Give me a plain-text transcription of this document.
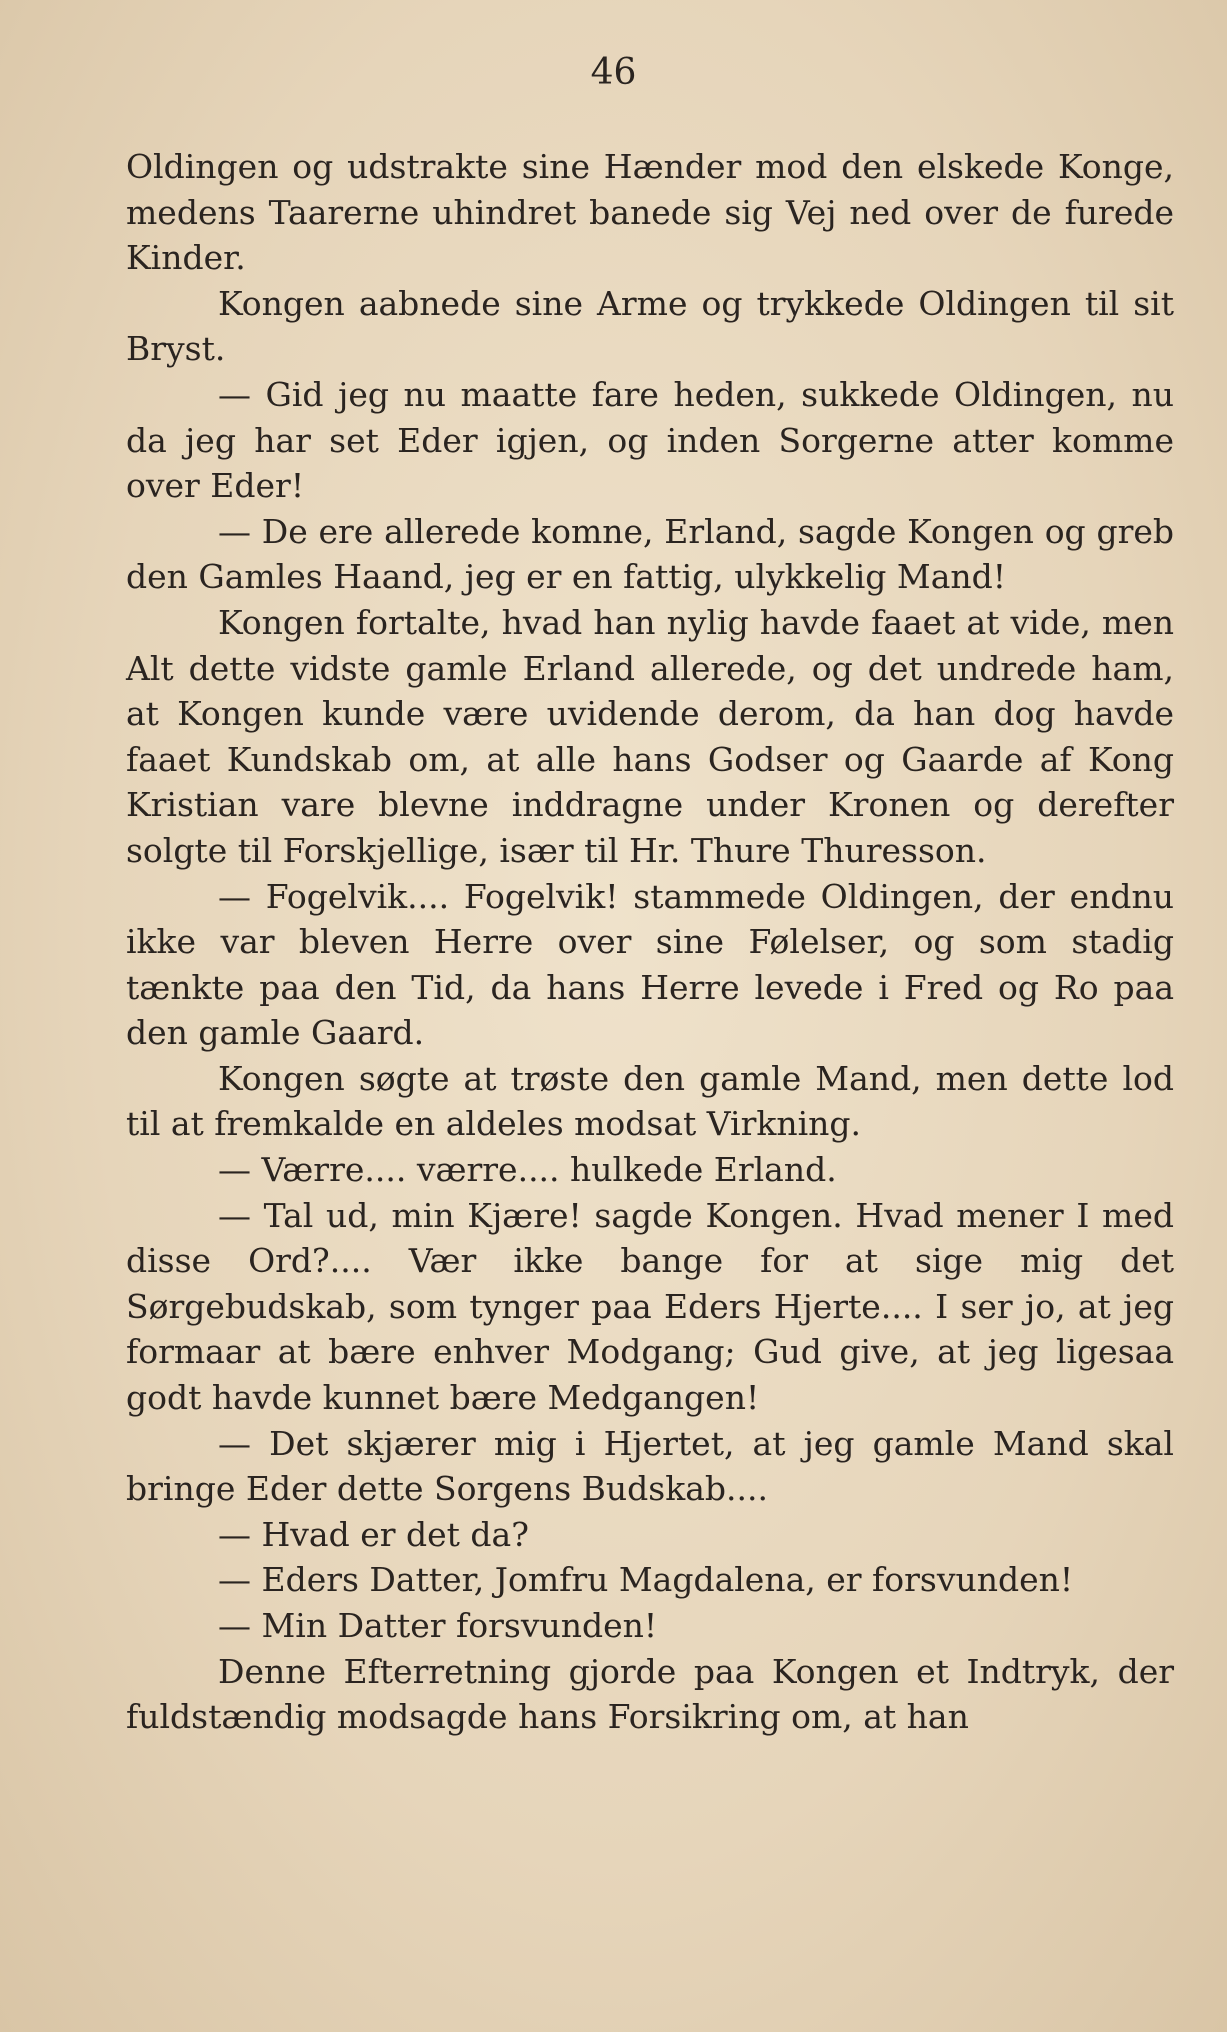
46

Oldingen og udstrakte sine Hænder mod den elskede Konge, medens Taarerne uhindret banede sig Vej ned over de furede Kinder.

Kongen aabnede sine Arme og trykkede Oldingen til sit Bryst.

— Gid jeg nu maatte fare heden, sukkede Oldingen, nu da jeg har set Eder igjen, og inden Sorgerne atter komme over Eder!

— De ere allerede komne, Erland, sagde Kongen og greb den Gamles Haand, jeg er en fattig, ulykkelig Mand!

Kongen fortalte, hvad han nylig havde faaet at vide, men Alt dette vidste gamle Erland allerede, og det undrede ham, at Kongen kunde være uvidende derom, da han dog havde faaet Kundskab om, at alle hans Godser og Gaarde af Kong Kristian vare blevne inddragne under Kronen og derefter solgte til Forskjellige, især til Hr. Thure Thuresson.

— Fogelvik.... Fogelvik! stammede Oldingen, der endnu ikke var bleven Herre over sine Følelser, og som stadig tænkte paa den Tid, da hans Herre levede i Fred og Ro paa den gamle Gaard.

Kongen søgte at trøste den gamle Mand, men dette lod til at fremkalde en aldeles modsat Virkning.

— Værre.... værre.... hulkede Erland.

— Tal ud, min Kjære! sagde Kongen. Hvad mener I med disse Ord?.... Vær ikke bange for at sige mig det Sørgebudskab, som tynger paa Eders Hjerte.... I ser jo, at jeg formaar at bære enhver Modgang; Gud give, at jeg ligesaa godt havde kunnet bære Medgangen!

— Det skjærer mig i Hjertet, at jeg gamle Mand skal bringe Eder dette Sorgens Budskab....

— Hvad er det da?

— Eders Datter, Jomfru Magdalena, er forsvunden!

— Min Datter forsvunden!

Denne Efterretning gjorde paa Kongen et Indtryk, der fuldstændig modsagde hans Forsikring om, at han
